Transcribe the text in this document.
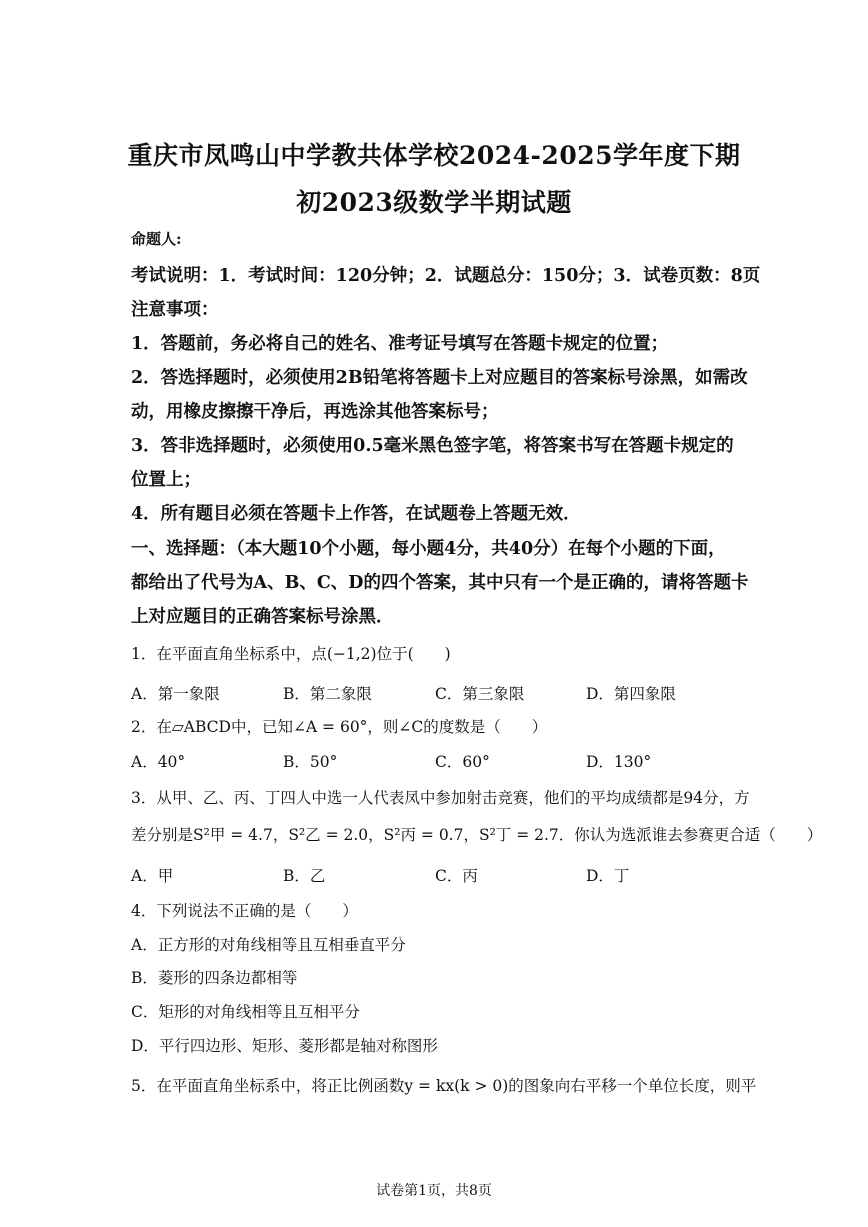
重庆市凤鸣山中学教共体学校2024-2025学年度下期
初2023级数学半期试题
命题人:
考试说明：1．考试时间：120分钟；2．试题总分：150分；3．试卷页数：8页
注意事项：
1．答题前，务必将自己的姓名、准考证号填写在答题卡规定的位置；
2．答选择题时，必须使用2B铅笔将答题卡上对应题目的答案标号涂黑，如需改
动，用橡皮擦擦干净后，再选涂其他答案标号；
3．答非选择题时，必须使用0.5毫米黑色签字笔，将答案书写在答题卡规定的
位置上；
4．所有题目必须在答题卡上作答，在试题卷上答题无效．
一、选择题：（本大题10个小题，每小题4分，共40分）在每个小题的下面，
都给出了代号为A、B、C、D的四个答案，其中只有一个是正确的，请将答题卡
上对应题目的正确答案标号涂黑．
1．在平面直角坐标系中，点(−1,2)位于(　　)
A．第一象限	B．第二象限	C．第三象限	D．第四象限
2．在▱ABCD中，已知∠A = 60°，则∠C的度数是（　　）
A．40°	B．50°	C．60°	D．130°
3．从甲、乙、丙、丁四人中选一人代表凤中参加射击竞赛，他们的平均成绩都是94分，方
差分别是S²甲 = 4.7，S²乙 = 2.0，S²丙 = 0.7，S²丁 = 2.7．你认为选派谁去参赛更合适（　　）
A．甲	B．乙	C．丙	D．丁
4．下列说法不正确的是（　　）
A．正方形的对角线相等且互相垂直平分
B．菱形的四条边都相等
C．矩形的对角线相等且互相平分
D．平行四边形、矩形、菱形都是轴对称图形
5．在平面直角坐标系中，将正比例函数y = kx(k > 0)的图象向右平移一个单位长度，则平
试卷第1页，共8页
